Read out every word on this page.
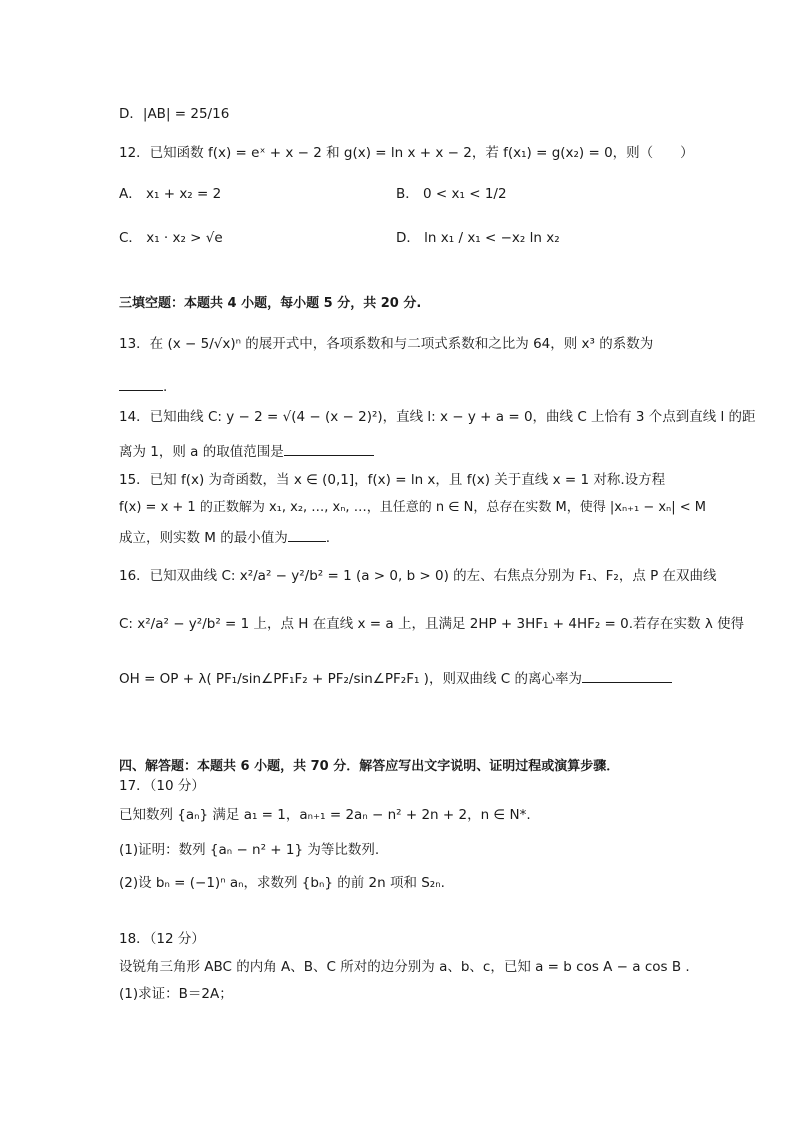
D．|AB| = 25/16
12．已知函数 f(x) = eˣ + x − 2 和 g(x) = ln x + x − 2，若 f(x₁) = g(x₂) = 0，则（　　）
A． x₁ + x₂ = 2	B． 0 < x₁ < 1/2
C． x₁ · x₂ > √e	D． ln x₁ / x₁ < −x₂ ln x₂
三填空题：本题共 4 小题，每小题 5 分，共 20 分.
13．在 (x − 5/√x)ⁿ 的展开式中，各项系数和与二项式系数和之比为 64，则 x³ 的系数为
.
14．已知曲线 C: y − 2 = √(4 − (x − 2)²)，直线 l: x − y + a = 0，曲线 C 上恰有 3 个点到直线 l 的距
离为 1，则 a 的取值范围是
15．已知 f(x) 为奇函数，当 x ∈ (0,1]，f(x) = ln x，且 f(x) 关于直线 x = 1 对称.设方程
f(x) = x + 1 的正数解为 x₁, x₂, …, xₙ, …，且任意的 n ∈ N，总存在实数 M，使得 |xₙ₊₁ − xₙ| < M
成立，则实数 M 的最小值为	.
16．已知双曲线 C: x²/a² − y²/b² = 1 (a > 0, b > 0) 的左、右焦点分别为 F₁、F₂，点 P 在双曲线
C: x²/a² − y²/b² = 1 上，点 H 在直线 x = a 上，且满足 2HP + 3HF₁ + 4HF₂ = 0.若存在实数 λ 使得
OH = OP + λ( PF₁/sin∠PF₁F₂ + PF₂/sin∠PF₂F₁ )，则双曲线 C 的离心率为
四、解答题：本题共 6 小题，共 70 分．解答应写出文字说明、证明过程或演算步骤．
17．（10 分）
已知数列 {aₙ} 满足 a₁ = 1，aₙ₊₁ = 2aₙ − n² + 2n + 2，n ∈ N*.
(1)证明：数列 {aₙ − n² + 1} 为等比数列.
(2)设 bₙ = (−1)ⁿ aₙ，求数列 {bₙ} 的前 2n 项和 S₂ₙ.
18．（12 分）
设锐角三角形 ABC 的内角 A、B、C 所对的边分别为 a、b、c，已知 a = b cos A − a cos B .
(1)求证：B＝2A；
